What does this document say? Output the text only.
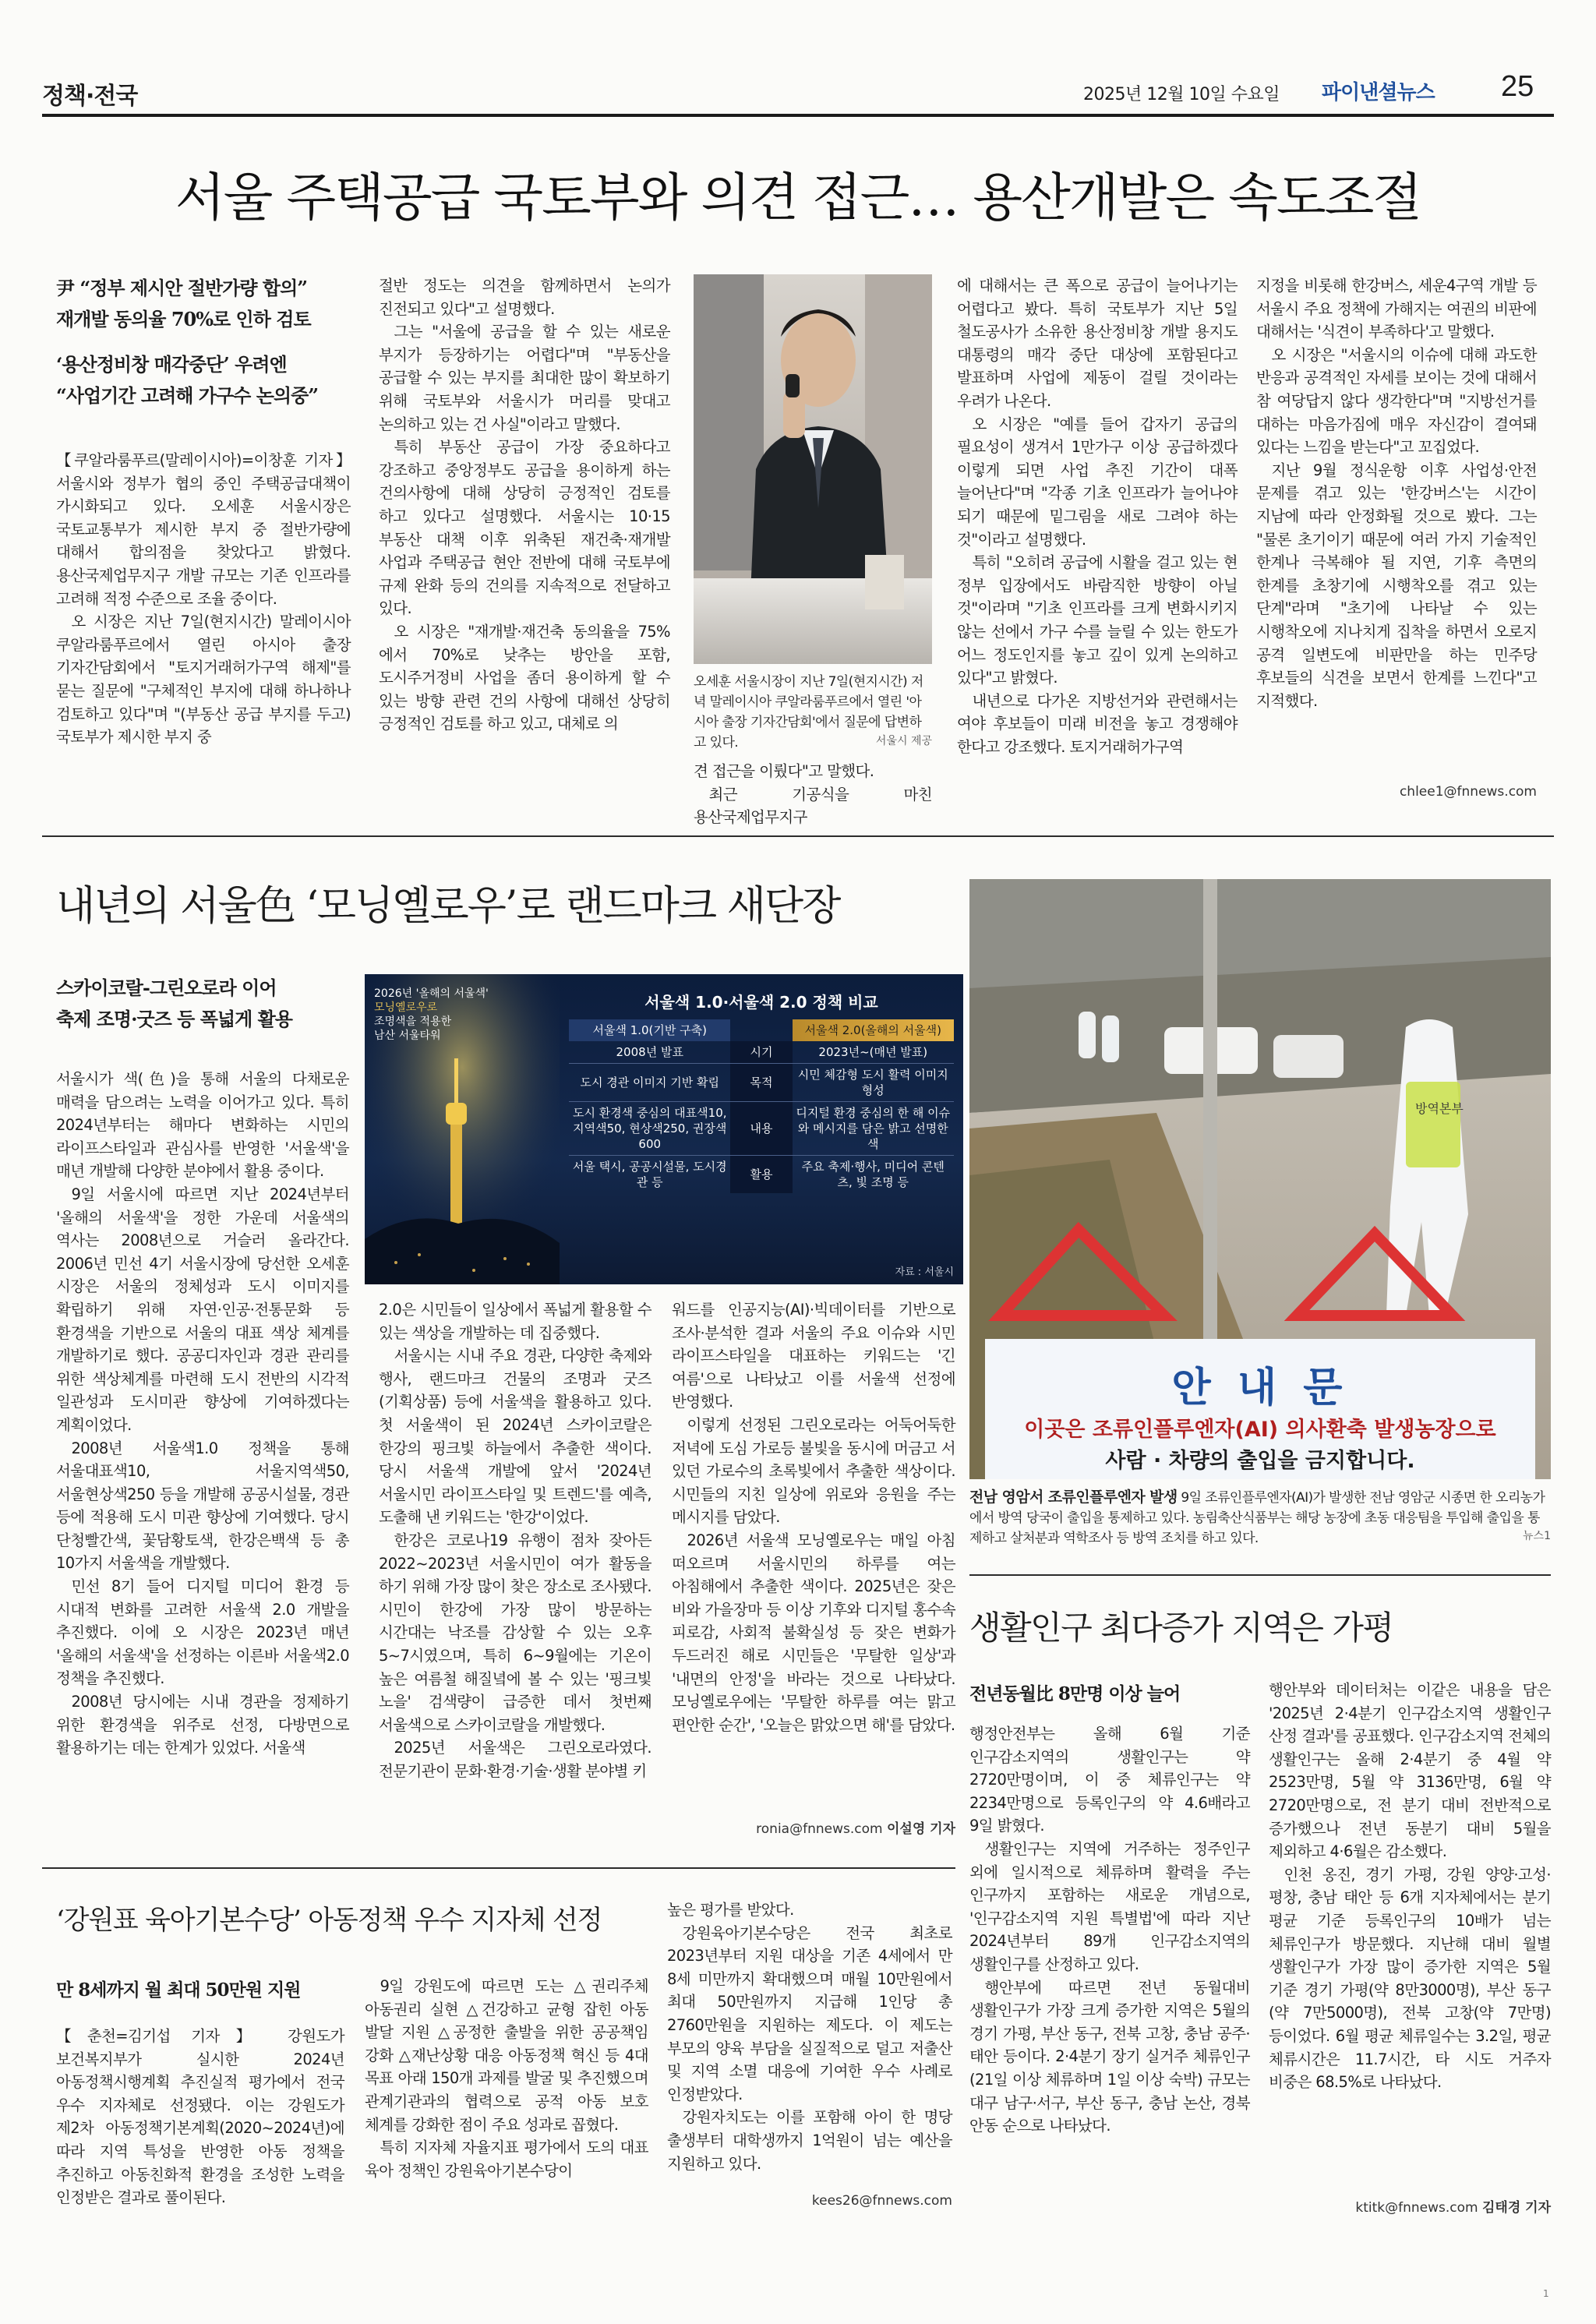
정책·전국	2025년 12월 10일 수요일 파이낸셜뉴스 25
서울 주택공급 국토부와 의견 접근… 용산개발은 속도조절
尹 “정부 제시안 절반가량 합의”
재개발 동의율 70%로 인하 검토
‘용산정비창 매각중단’ 우려엔
“사업기간 고려해 가구수 논의중”
【쿠알라룸푸르(말레이시아)=이창훈 기자】 서울시와 정부가 협의 중인 주택공급대책이 가시화되고 있다. 오세훈 서울시장은 국토교통부가 제시한 부지 중 절반가량에 대해서 합의점을 찾았다고 밝혔다. 용산국제업무지구 개발 규모는 기존 인프라를 고려해 적정 수준으로 조율 중이다.
오 시장은 지난 7일(현지시간) 말레이시아 쿠알라룸푸르에서 열린 아시아 출장 기자간담회에서 "토지거래허가구역 해제"를 묻는 질문에 "구체적인 부지에 대해 하나하나 검토하고 있다"며 "(부동산 공급 부지를 두고) 국토부가 제시한 부지 중
절반 정도는 의견을 함께하면서 논의가 진전되고 있다"고 설명했다.
그는 "서울에 공급을 할 수 있는 새로운 부지가 등장하기는 어렵다"며 "부동산을 공급할 수 있는 부지를 최대한 많이 확보하기 위해 국토부와 서울시가 머리를 맞대고 논의하고 있는 건 사실"이라고 말했다.
특히 부동산 공급이 가장 중요하다고 강조하고 중앙정부도 공급을 용이하게 하는 건의사항에 대해 상당히 긍정적인 검토를 하고 있다고 설명했다. 서울시는 10·15 부동산 대책 이후 위축된 재건축·재개발 사업과 주택공급 현안 전반에 대해 국토부에 규제 완화 등의 건의를 지속적으로 전달하고 있다.
오 시장은 "재개발·재건축 동의율을 75%에서 70%로 낮추는 방안을 포함, 도시주거정비 사업을 좀더 용이하게 할 수 있는 방향 관련 건의 사항에 대해선 상당히 긍정적인 검토를 하고 있고, 대체로 의
오세훈 서울시장이 지난 7일(현지시간) 저녁 말레이시아 쿠알라룸푸르에서 열린 '아시아 출장 기자간담회'에서 질문에 답변하고 있다.	서울시 제공
견 접근을 이뤘다"고 말했다.
최근 기공식을 마친 용산국제업무지구
에 대해서는 큰 폭으로 공급이 늘어나기는 어렵다고 봤다. 특히 국토부가 지난 5일 철도공사가 소유한 용산정비창 개발 용지도 대통령의 매각 중단 대상에 포함된다고 발표하며 사업에 제동이 걸릴 것이라는 우려가 나온다.
오 시장은 "예를 들어 갑자기 공급의 필요성이 생겨서 1만가구 이상 공급하겠다 이렇게 되면 사업 추진 기간이 대폭 늘어난다"며 "각종 기초 인프라가 늘어나야 되기 때문에 밑그림을 새로 그려야 하는 것"이라고 설명했다.
특히 "오히려 공급에 시활을 걸고 있는 현 정부 입장에서도 바람직한 방향이 아닐 것"이라며 "기초 인프라를 크게 변화시키지 않는 선에서 가구 수를 늘릴 수 있는 한도가 어느 정도인지를 놓고 깊이 있게 논의하고 있다"고 밝혔다.
내년으로 다가온 지방선거와 관련해서는 여야 후보들이 미래 비전을 놓고 경쟁해야 한다고 강조했다. 토지거래허가구역
지정을 비롯해 한강버스, 세운4구역 개발 등 서울시 주요 정책에 가해지는 여권의 비판에 대해서는 '식견이 부족하다'고 말했다.
오 시장은 "서울시의 이슈에 대해 과도한 반응과 공격적인 자세를 보이는 것에 대해서 참 여당답지 않다 생각한다"며 "지방선거를 대하는 마음가짐에 매우 자신감이 결여돼 있다는 느낌을 받는다"고 꼬집었다.
지난 9월 정식운항 이후 사업성·안전 문제를 겪고 있는 '한강버스'는 시간이 지남에 따라 안정화될 것으로 봤다. 그는 "물론 초기이기 때문에 여러 가지 기술적인 한계나 극복해야 될 지연, 기후 측면의 한계를 초창기에 시행착오를 겪고 있는 단계"라며 "초기에 나타날 수 있는 시행착오에 지나치게 집착을 하면서 오로지 공격 일변도에 비판만을 하는 민주당 후보들의 식견을 보면서 한계를 느낀다"고 지적했다.
chlee1@fnnews.com
내년의 서울色 ‘모닝옐로우’로 랜드마크 새단장
스카이코랄-그린오로라 이어
축제 조명·굿즈 등 폭넓게 활용
서울시가 색(色)을 통해 서울의 다채로운 매력을 담으려는 노력을 이어가고 있다. 특히 2024년부터는 해마다 변화하는 시민의 라이프스타일과 관심사를 반영한 '서울색'을 매년 개발해 다양한 분야에서 활용 중이다.
9일 서울시에 따르면 지난 2024년부터 '올해의 서울색'을 정한 가운데 서울색의 역사는 2008년으로 거슬러 올라간다. 2006년 민선 4기 서울시장에 당선한 오세훈 시장은 서울의 정체성과 도시 이미지를 확립하기 위해 자연·인공·전통문화 등 환경색을 기반으로 서울의 대표 색상 체계를 개발하기로 했다. 공공디자인과 경관 관리를 위한 색상체계를 마련해 도시 전반의 시각적 일관성과 도시미관 향상에 기여하겠다는 계획이었다.
2008년 서울색1.0 정책을 통해 서울대표색10, 서울지역색50, 서울현상색250 등을 개발해 공공시설물, 경관 등에 적용해 도시 미관 향상에 기여했다. 당시 단청빨간색, 꽃담황토색, 한강은백색 등 총 10가지 서울색을 개발했다.
민선 8기 들어 디지털 미디어 환경 등 시대적 변화를 고려한 서울색 2.0 개발을 추진했다. 이에 오 시장은 2023년 매년 '올해의 서울색'을 선정하는 이른바 서울색2.0 정책을 추진했다.
2008년 당시에는 시내 경관을 정제하기 위한 환경색을 위주로 선정, 다방면으로 활용하기는 데는 한계가 있었다. 서울색
2026년 '올해의 서울색'
모닝옐로우로
조명색을 적용한
남산 서울타워
서울색 1.0·서울색 2.0 정책 비교
서울색 1.0(기반 구축)		서울색 2.0(올해의 서울색)
2008년 발표	시기	2023년~(매년 발표)
도시 경관 이미지 기반 확립	목적	시민 체감형 도시 활력 이미지 형성
도시 환경색 중심의 대표색10, 지역색50, 현상색250, 권장색600	내용	디지털 환경 중심의 한 해 이슈와 메시지를 담은 밝고 선명한 색
서울 택시, 공공시설물, 도시경관 등	활용	주요 축제·행사, 미디어 콘텐츠, 빛 조명 등
자료 : 서울시
2.0은 시민들이 일상에서 폭넓게 활용할 수 있는 색상을 개발하는 데 집중했다.
서울시는 시내 주요 경관, 다양한 축제와 행사, 랜드마크 건물의 조명과 굿즈(기획상품) 등에 서울색을 활용하고 있다. 첫 서울색이 된 2024년 스카이코랄은 한강의 핑크빛 하늘에서 추출한 색이다. 당시 서울색 개발에 앞서 '2024년 서울시민 라이프스타일 및 트렌드'를 예측, 도출해 낸 키워드는 '한강'이었다.
한강은 코로나19 유행이 점차 잦아든 2022~2023년 서울시민이 여가 활동을 하기 위해 가장 많이 찾은 장소로 조사됐다. 시민이 한강에 가장 많이 방문하는 시간대는 낙조를 감상할 수 있는 오후 5~7시였으며, 특히 6~9월에는 기온이 높은 여름철 해질녘에 볼 수 있는 '핑크빛 노을' 검색량이 급증한 데서 첫번째 서울색으로 스카이코랄을 개발했다.
2025년 서울색은 그린오로라였다. 전문기관이 문화·환경·기술·생활 분야별 키
워드를 인공지능(AI)·빅데이터를 기반으로 조사·분석한 결과 서울의 주요 이슈와 시민 라이프스타일을 대표하는 키워드는 '긴 여름'으로 나타났고 이를 서울색 선정에 반영했다.
이렇게 선정된 그린오로라는 어둑어둑한 저녁에 도심 가로등 불빛을 동시에 머금고 서 있던 가로수의 초록빛에서 추출한 색상이다. 시민들의 지친 일상에 위로와 응원을 주는 메시지를 담았다.
2026년 서울색 모닝옐로우는 매일 아침 떠오르며 서울시민의 하루를 여는 아침해에서 추출한 색이다. 2025년은 잦은 비와 가을장마 등 이상 기후와 디지털 홍수속 피로감, 사회적 불확실성 등 잦은 변화가 두드러진 해로 시민들은 '무탈한 일상'과 '내면의 안정'을 바라는 것으로 나타났다. 모닝옐로우에는 '무탈한 하루를 여는 맑고 편안한 순간', '오늘은 맑았으면 해'를 담았다.
ronia@fnnews.com 이설영 기자
방역본부
안 내 문
이곳은 조류인플루엔자(AI) 의사환축 발생농장으로
사람 · 차량의 출입을 금지합니다.
전남 영암서 조류인플루엔자 발생 9일 조류인플루엔자(AI)가 발생한 전남 영암군 시종면 한 오리농가에서 방역 당국이 출입을 통제하고 있다. 농림축산식품부는 해당 농장에 초동 대응팀을 투입해 출입을 통제하고 살처분과 역학조사 등 방역 조치를 하고 있다.	뉴스1
생활인구 최다증가 지역은 가평
전년동월比 8만명 이상 늘어
행정안전부는 올해 6월 기준 인구감소지역의 생활인구는 약 2720만명이며, 이 중 체류인구는 약 2234만명으로 등록인구의 약 4.6배라고 9일 밝혔다.
생활인구는 지역에 거주하는 정주인구 외에 일시적으로 체류하며 활력을 주는 인구까지 포함하는 새로운 개념으로, '인구감소지역 지원 특별법'에 따라 지난 2024년부터 89개 인구감소지역의 생활인구를 산정하고 있다.
행안부에 따르면 전년 동월대비 생활인구가 가장 크게 증가한 지역은 5월의 경기 가평, 부산 동구, 전북 고창, 충남 공주·태안 등이다. 2·4분기 장기 실거주 체류인구(21일 이상 체류하며 1일 이상 숙박) 규모는 대구 남구·서구, 부산 동구, 충남 논산, 경북 안동 순으로 나타났다.
행안부와 데이터처는 이같은 내용을 담은 '2025년 2·4분기 인구감소지역 생활인구 산정 결과'를 공표했다. 인구감소지역 전체의 생활인구는 올해 2·4분기 중 4월 약 2523만명, 5월 약 3136만명, 6월 약 2720만명으로, 전 분기 대비 전반적으로 증가했으나 전년 동분기 대비 5월을 제외하고 4·6월은 감소했다.
인천 옹진, 경기 가평, 강원 양양·고성·평창, 충남 태안 등 6개 지자체에서는 분기 평균 기준 등록인구의 10배가 넘는 체류인구가 방문했다. 지난해 대비 월별 생활인구가 가장 많이 증가한 지역은 5월 기준 경기 가평(약 8만3000명), 부산 동구(약 7만5000명), 전북 고창(약 7만명) 등이었다. 6월 평균 체류일수는 3.2일, 평균 체류시간은 11.7시간, 타 시도 거주자 비중은 68.5%로 나타났다.
ktitk@fnnews.com 김태경 기자
‘강원표 육아기본수당’ 아동정책 우수 지자체 선정
만 8세까지 월 최대 50만원 지원
【춘천=김기섭 기자】 강원도가 보건복지부가 실시한 2024년 아동정책시행계획 추진실적 평가에서 전국 우수 지자체로 선정됐다. 이는 강원도가 제2차 아동정책기본계획(2020~2024년)에 따라 지역 특성을 반영한 아동 정책을 추진하고 아동친화적 환경을 조성한 노력을 인정받은 결과로 풀이된다.
9일 강원도에 따르면 도는 △권리주체 아동권리 실현 △건강하고 균형 잡힌 아동 발달 지원 △공정한 출발을 위한 공공책임 강화 △재난상황 대응 아동정책 혁신 등 4대 목표 아래 150개 과제를 발굴 및 추진했으며 관계기관과의 협력으로 공적 아동 보호 체계를 강화한 점이 주요 성과로 꼽혔다.
특히 지자체 자율지표 평가에서 도의 대표 육아 정책인 강원육아기본수당이
높은 평가를 받았다.
강원육아기본수당은 전국 최초로 2023년부터 지원 대상을 기존 4세에서 만 8세 미만까지 확대했으며 매월 10만원에서 최대 50만원까지 지급해 1인당 총 2760만원을 지원하는 제도다. 이 제도는 부모의 양육 부담을 실질적으로 덜고 저출산 및 지역 소멸 대응에 기여한 우수 사례로 인정받았다.
강원자치도는 이를 포함해 아이 한 명당 출생부터 대학생까지 1억원이 넘는 예산을 지원하고 있다.
kees26@fnnews.com
1
